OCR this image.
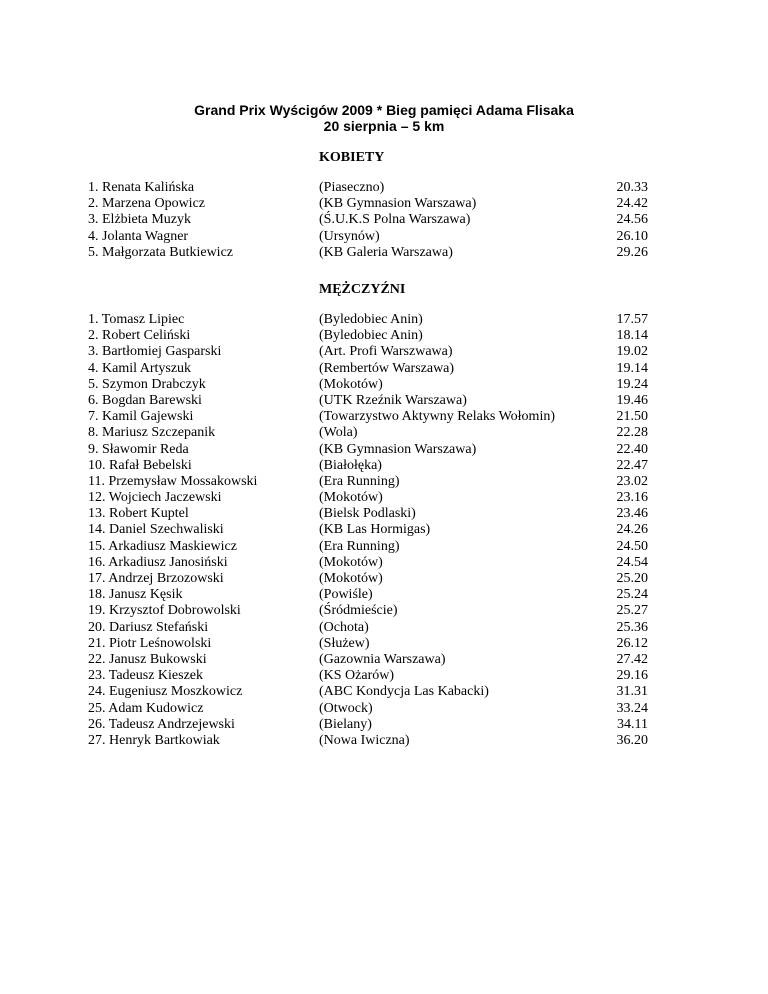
Grand Prix Wyścigów 2009 * Bieg pamięci Adama Flisaka
20 sierpnia – 5 km
KOBIETY
1. Renata Kalińska	(Piaseczno)	20.33
2. Marzena Opowicz	(KB Gymnasion Warszawa)	24.42
3. Elżbieta Muzyk	(Ś.U.K.S Polna Warszawa)	24.56
4. Jolanta Wagner	(Ursynów)	26.10
5. Małgorzata Butkiewicz	(KB Galeria Warszawa)	29.26
MĘŻCZYŹNI
1. Tomasz Lipiec	(Byledobiec Anin)	17.57
2. Robert Celiński	(Byledobiec Anin)	18.14
3. Bartłomiej Gasparski	(Art. Profi Warszwawa)	19.02
4. Kamil Artyszuk	(Rembertów Warszawa)	19.14
5. Szymon Drabczyk	(Mokotów)	19.24
6. Bogdan Barewski	(UTK Rzeźnik Warszawa)	19.46
7. Kamil Gajewski	(Towarzystwo Aktywny Relaks Wołomin)	21.50
8. Mariusz Szczepanik	(Wola)	22.28
9. Sławomir Reda	(KB Gymnasion Warszawa)	22.40
10. Rafał Bebelski	(Białołęka)	22.47
11. Przemysław Mossakowski	(Era Running)	23.02
12. Wojciech Jaczewski	(Mokotów)	23.16
13. Robert Kuptel	(Bielsk Podlaski)	23.46
14. Daniel Szechwaliski	(KB Las Hormigas)	24.26
15. Arkadiusz Maskiewicz	(Era Running)	24.50
16. Arkadiusz Janosiński	(Mokotów)	24.54
17. Andrzej Brzozowski	(Mokotów)	25.20
18. Janusz Kęsik	(Powiśle)	25.24
19. Krzysztof Dobrowolski	(Śródmieście)	25.27
20. Dariusz Stefański	(Ochota)	25.36
21. Piotr Leśnowolski	(Służew)	26.12
22. Janusz Bukowski	(Gazownia Warszawa)	27.42
23. Tadeusz Kieszek	(KS Ożarów)	29.16
24. Eugeniusz Moszkowicz	(ABC Kondycja Las Kabacki)	31.31
25. Adam Kudowicz	(Otwock)	33.24
26. Tadeusz Andrzejewski	(Bielany)	34.11
27. Henryk Bartkowiak	(Nowa Iwiczna)	36.20
